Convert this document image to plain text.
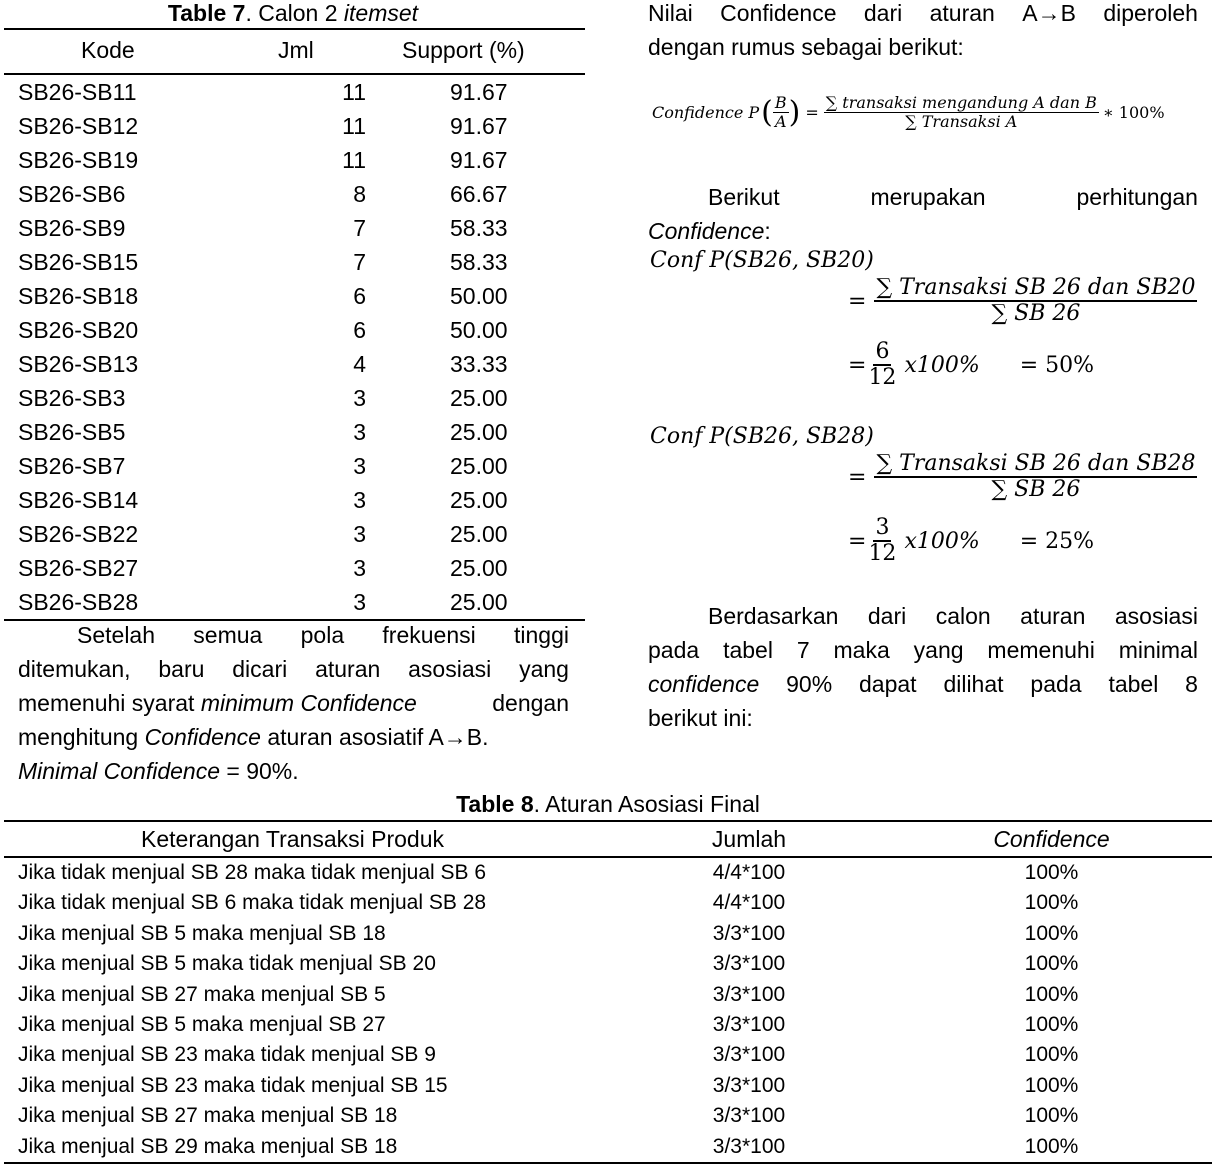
Table 7. Calon 2 itemset
Kode	Jml	Support (%)
SB26-SB11	11	91.67
SB26-SB12	11	91.67
SB26-SB19	11	91.67
SB26-SB6	8	66.67
SB26-SB9	7	58.33
SB26-SB15	7	58.33
SB26-SB18	6	50.00
SB26-SB20	6	50.00
SB26-SB13	4	33.33
SB26-SB3	3	25.00
SB26-SB5	3	25.00
SB26-SB7	3	25.00
SB26-SB14	3	25.00
SB26-SB22	3	25.00
SB26-SB27	3	25.00
SB26-SB28	3	25.00
Setelah semua pola frekuensi tinggi
ditemukan, baru dicari aturan asosiasi yang
memenuhi syarat minimum Confidence	dengan
menghitung Confidence aturan asosiatif A→B.
Minimal Confidence = 90%.
Nilai Confidence dari aturan A→B diperoleh
dengan rumus sebagai berikut:
Confidence P ( $\frac{B}{A}$ ) = $\frac{\text{∑ transaksi mengandung A dan B}}{\text{∑ Transaksi A}}$ ∗ 100%
Berikut	merupakan	perhitungan
Confidence:
Conf P(SB26, SB20)
= $\frac{\text{∑ Transaksi SB 26 dan SB20}}{\sum SB 26}$
= $\frac{6}{12} x100\% = 50\%$
Conf P(SB26, SB28)
= $\frac{\text{∑ Transaksi SB 26 dan SB28}}{\sum SB 26}$
= $\frac{3}{12} x100\% = 25\%$
Berdasarkan dari calon aturan asosiasi
pada tabel 7 maka yang memenuhi minimal
confidence 90% dapat dilihat pada tabel 8
berikut ini:
Table 8. Aturan Asosiasi Final
Keterangan Transaksi Produk	Jumlah	Confidence
Jika tidak menjual SB 28 maka tidak menjual SB 6	4/4*100	100%
Jika tidak menjual SB 6 maka tidak menjual SB 28	4/4*100	100%
Jika menjual SB 5 maka menjual SB 18	3/3*100	100%
Jika menjual SB 5 maka tidak menjual SB 20	3/3*100	100%
Jika menjual SB 27 maka menjual SB 5	3/3*100	100%
Jika menjual SB 5 maka menjual SB 27	3/3*100	100%
Jika menjual SB 23 maka tidak menjual SB 9	3/3*100	100%
Jika menjual SB 23 maka tidak menjual SB 15	3/3*100	100%
Jika menjual SB 27 maka menjual SB 18	3/3*100	100%
Jika menjual SB 29 maka menjual SB 18	3/3*100	100%
